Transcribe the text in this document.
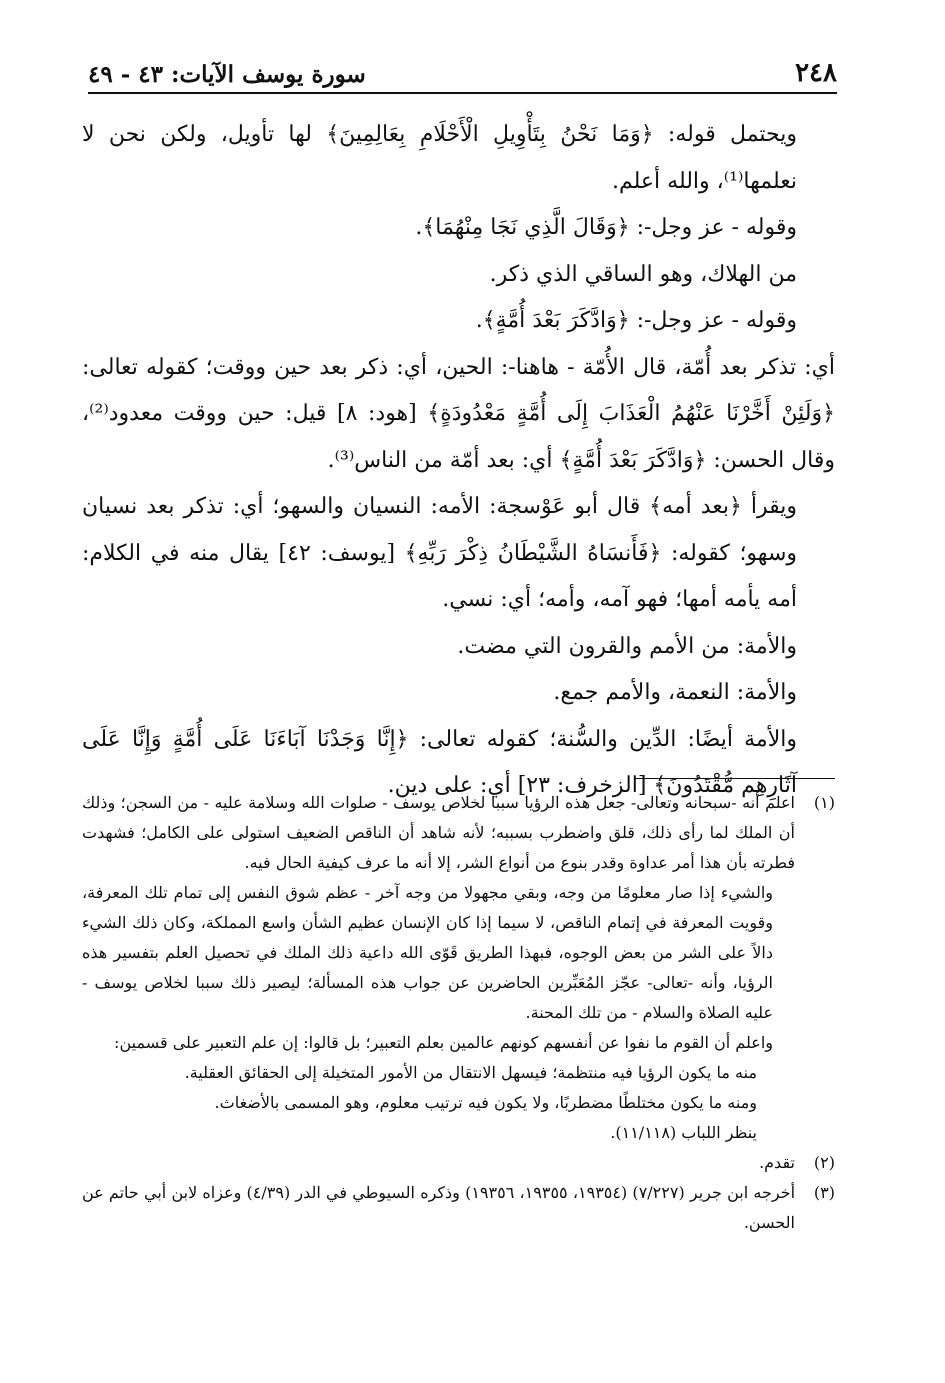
٢٤٨
سورة يوسف الآيات: ٤٣ - ٤٩

ويحتمل قوله: ﴿وَمَا نَحْنُ بِتَأْوِيلِ الْأَحْلَامِ بِعَالِمِينَ﴾ لها تأويل، ولكن نحن لا نعلمها⁽¹⁾، والله أعلم.

وقوله - عز وجل-: ﴿وَقَالَ الَّذِي نَجَا مِنْهُمَا﴾.

من الهلاك، وهو الساقي الذي ذكر.

وقوله - عز وجل-: ﴿وَادَّكَرَ بَعْدَ أُمَّةٍ﴾.

أي: تذكر بعد أُمّة، قال الأُمّة - هاهنا-: الحين، أي: ذكر بعد حين ووقت؛ كقوله تعالى: ﴿وَلَئِنْ أَخَّرْنَا عَنْهُمُ الْعَذَابَ إِلَى أُمَّةٍ مَعْدُودَةٍ﴾ [هود: ٨] قيل: حين ووقت معدود⁽²⁾، وقال الحسن: ﴿وَادَّكَرَ بَعْدَ أُمَّةٍ﴾ أي: بعد أمّة من الناس⁽³⁾.

ويقرأ ﴿بعد أمه﴾ قال أبو عَوْسجة: الأمه: النسيان والسهو؛ أي: تذكر بعد نسيان وسهو؛ كقوله: ﴿فَأَنسَاهُ الشَّيْطَانُ ذِكْرَ رَبِّهِ﴾ [يوسف: ٤٢] يقال منه في الكلام: أمه يأمه أمها؛ فهو آمه، وأمه؛ أي: نسي.

والأمة: من الأمم والقرون التي مضت.

والأمة: النعمة، والأمم جمع.

والأمة أيضًا: الدِّين والسُّنة؛ كقوله تعالى: ﴿إِنَّا وَجَدْنَا آبَاءَنَا عَلَى أُمَّةٍ وَإِنَّا عَلَى آثَارِهِم مُّقْتَدُونَ﴾ [الزخرف: ٢٣] أي: على دين.

(١)

اعلم أنه -سبحانه وتعالى- جعل هذه الرؤيا سببا لخلاص يوسف - صلوات الله وسلامة عليه - من السجن؛ وذلك أن الملك لما رأى ذلك، قلق واضطرب بسببه؛ لأنه شاهد أن الناقص الضعيف استولى على الكامل؛ فشهدت فطرته بأن هذا أمر عداوة وقدر بنوع من أنواع الشر، إلا أنه ما عرف كيفية الحال فيه.

والشيء إذا صار معلومًا من وجه، وبقي مجهولا من وجه آخر - عظم شوق النفس إلى تمام تلك المعرفة، وقويت المعرفة في إتمام الناقص، لا سيما إذا كان الإنسان عظيم الشأن واسع المملكة، وكان ذلك الشيء دالاً على الشر من بعض الوجوه، فبهذا الطريق قَوّى الله داعية ذلك الملك في تحصيل العلم بتفسير هذه الرؤيا، وأنه -تعالى- عجّز المُعَبِّرين الحاضرين عن جواب هذه المسألة؛ ليصير ذلك سببا لخلاص يوسف - عليه الصلاة والسلام - من تلك المحنة.

واعلم أن القوم ما نفوا عن أنفسهم كونهم عالمين بعلم التعبير؛ بل قالوا: إن علم التعبير على قسمين:

منه ما يكون الرؤيا فيه منتظمة؛ فيسهل الانتقال من الأمور المتخيلة إلى الحقائق العقلية.

ومنه ما يكون مختلطًا مضطربًا، ولا يكون فيه ترتيب معلوم، وهو المسمى بالأضغاث.

ينظر اللباب (١١/١١٨).

(٢)

تقدم.

(٣)

أخرجه ابن جرير (٧/٢٢٧) (١٩٣٥٤، ١٩٣٥٥، ١٩٣٥٦) وذكره السيوطي في الدر (٤/٣٩) وعزاه لابن أبي حاتم عن الحسن.
